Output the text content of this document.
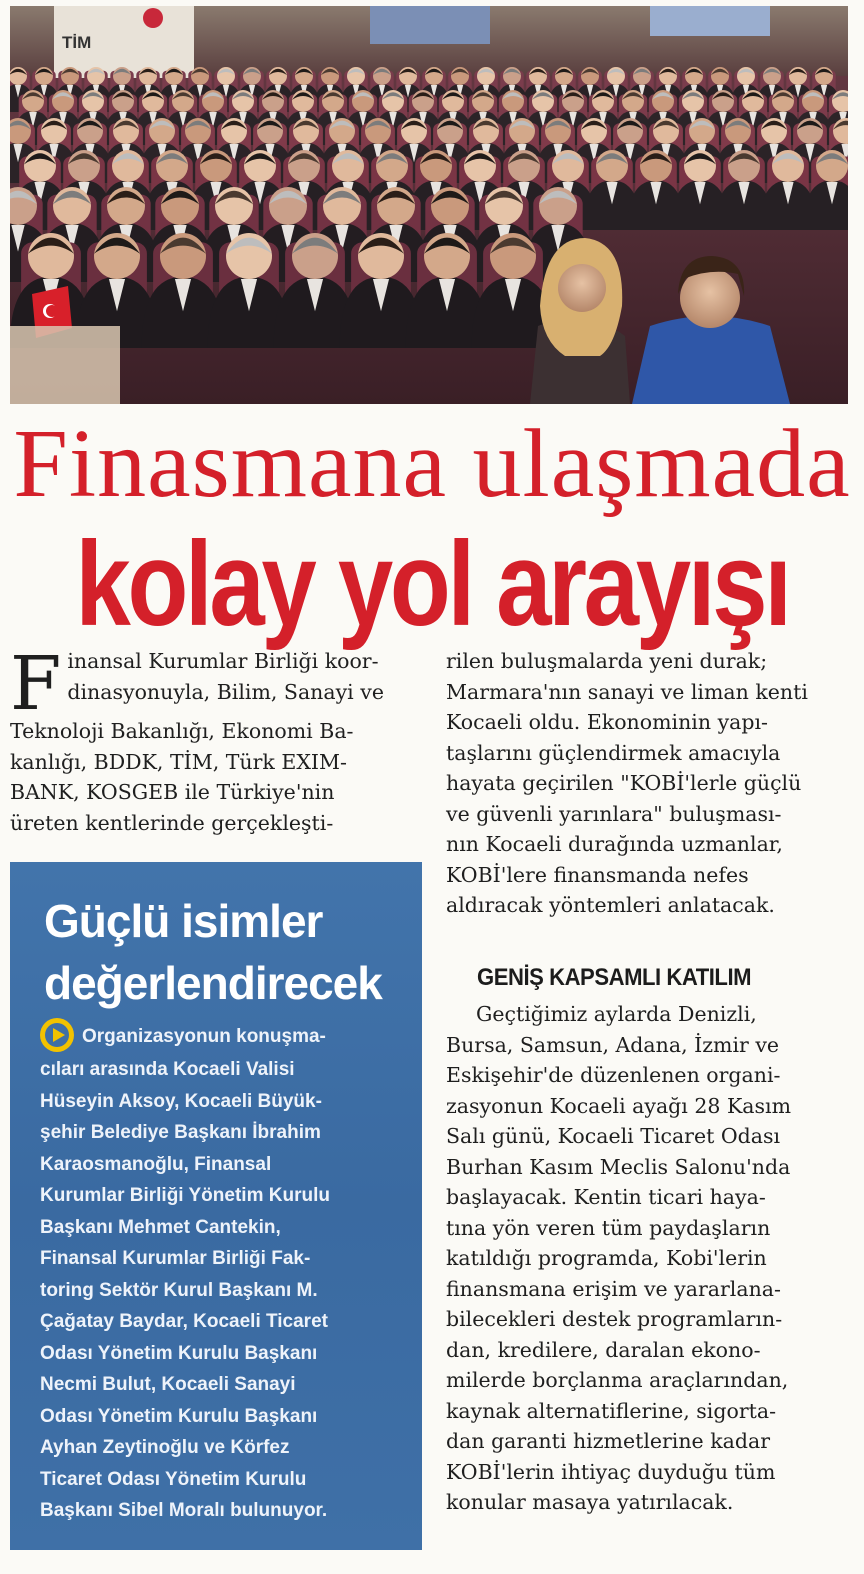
TİM
Finasmana ulaşmada
kolay yol arayışı
F inansal Kurumlar Birliği koor-
dinasyonuyla, Bilim, Sanayi ve
Teknoloji Bakanlığı, Ekonomi Ba-
kanlığı, BDDK, TİM, Türk EXIM-
BANK, KOSGEB ile Türkiye'nin
üreten kentlerinde gerçekleşti-
rilen buluşmalarda yeni durak;
Marmara'nın sanayi ve liman kenti
Kocaeli oldu. Ekonominin yapı-
taşlarını güçlendirmek amacıyla
hayata geçirilen "KOBİ'lerle güçlü
ve güvenli yarınlara" buluşması-
nın Kocaeli durağında uzmanlar,
KOBİ'lere finansmanda nefes
aldıracak yöntemleri anlatacak.
GENİŞ KAPSAMLI KATILIM
Geçtiğimiz aylarda Denizli,
Bursa, Samsun, Adana, İzmir ve
Eskişehir'de düzenlenen organi-
zasyonun Kocaeli ayağı 28 Kasım
Salı günü, Kocaeli Ticaret Odası
Burhan Kasım Meclis Salonu'nda
başlayacak. Kentin ticari haya-
tına yön veren tüm paydaşların
katıldığı programda, Kobi'lerin
finansmana erişim ve yararlana-
bilecekleri destek programların-
dan, kredilere, daralan ekono-
milerde borçlanma araçlarından,
kaynak alternatiflerine, sigorta-
dan garanti hizmetlerine kadar
KOBİ'lerin ihtiyaç duyduğu tüm
konular masaya yatırılacak.
Güçlü isimler
değerlendirecek
Organizasyonun konuşma-
cıları arasında Kocaeli Valisi
Hüseyin Aksoy, Kocaeli Büyük-
şehir Belediye Başkanı İbrahim
Karaosmanoğlu, Finansal
Kurumlar Birliği Yönetim Kurulu
Başkanı Mehmet Cantekin,
Finansal Kurumlar Birliği Fak-
toring Sektör Kurul Başkanı M.
Çağatay Baydar, Kocaeli Ticaret
Odası Yönetim Kurulu Başkanı
Necmi Bulut, Kocaeli Sanayi
Odası Yönetim Kurulu Başkanı
Ayhan Zeytinoğlu ve Körfez
Ticaret Odası Yönetim Kurulu
Başkanı Sibel Moralı bulunuyor.
